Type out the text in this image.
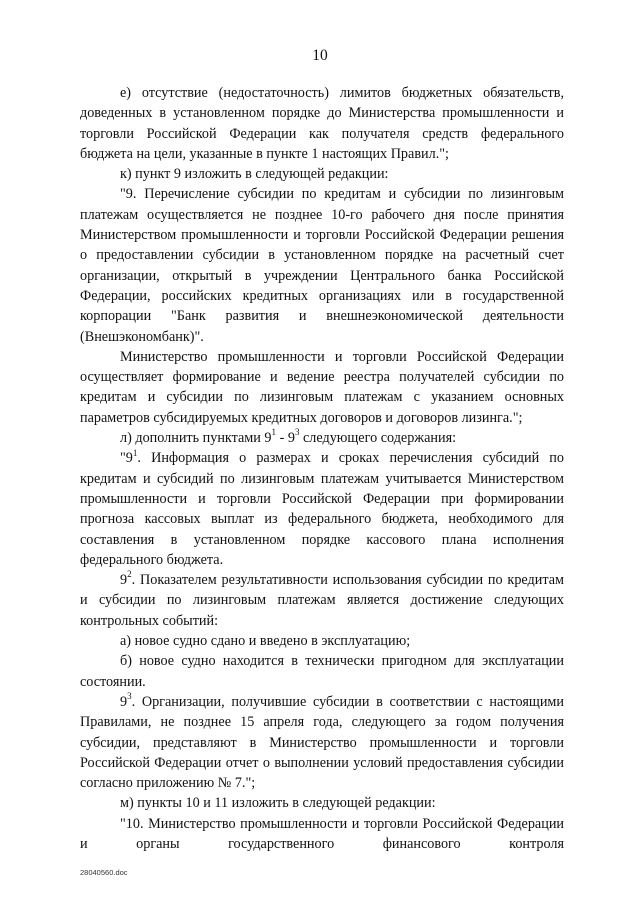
10

е) отсутствие (недостаточность) лимитов бюджетных обязательств, доведенных в установленном порядке до Министерства промышленности и торговли Российской Федерации как получателя средств федерального бюджета на цели, указанные в пункте 1 настоящих Правил.";

к) пункт 9 изложить в следующей редакции:

"9. Перечисление субсидии по кредитам и субсидии по лизинговым платежам осуществляется не позднее 10-го рабочего дня после принятия Министерством промышленности и торговли Российской Федерации решения о предоставлении субсидии в установленном порядке на расчетный счет организации, открытый в учреждении Центрального банка Российской Федерации, российских кредитных организациях или в государственной корпорации "Банк развития и внешнеэкономической деятельности (Внешэкономбанк)".

Министерство промышленности и торговли Российской Федерации осуществляет формирование и ведение реестра получателей субсидии по кредитам и субсидии по лизинговым платежам с указанием основных параметров субсидируемых кредитных договоров и договоров лизинга.";

л) дополнить пунктами $9^1 - 9^3$ следующего содержания:

"$9^1$. Информация о размерах и сроках перечисления субсидий по кредитам и субсидий по лизинговым платежам учитывается Министерством промышленности и торговли Российской Федерации при формировании прогноза кассовых выплат из федерального бюджета, необходимого для составления в установленном порядке кассового плана исполнения федерального бюджета.

$9^2$. Показателем результативности использования субсидии по кредитам и субсидии по лизинговым платежам является достижение следующих контрольных событий:

а) новое судно сдано и введено в эксплуатацию;

б) новое судно находится в технически пригодном для эксплуатации состоянии.

$9^3$. Организации, получившие субсидии в соответствии с настоящими Правилами, не позднее 15 апреля года, следующего за годом получения субсидии, представляют в Министерство промышленности и торговли Российской Федерации отчет о выполнении условий предоставления субсидии согласно приложению № 7.";

м) пункты 10 и 11 изложить в следующей редакции:

"10. Министерство промышленности и торговли Российской Федерации и органы государственного финансового контроля

28040560.doc
